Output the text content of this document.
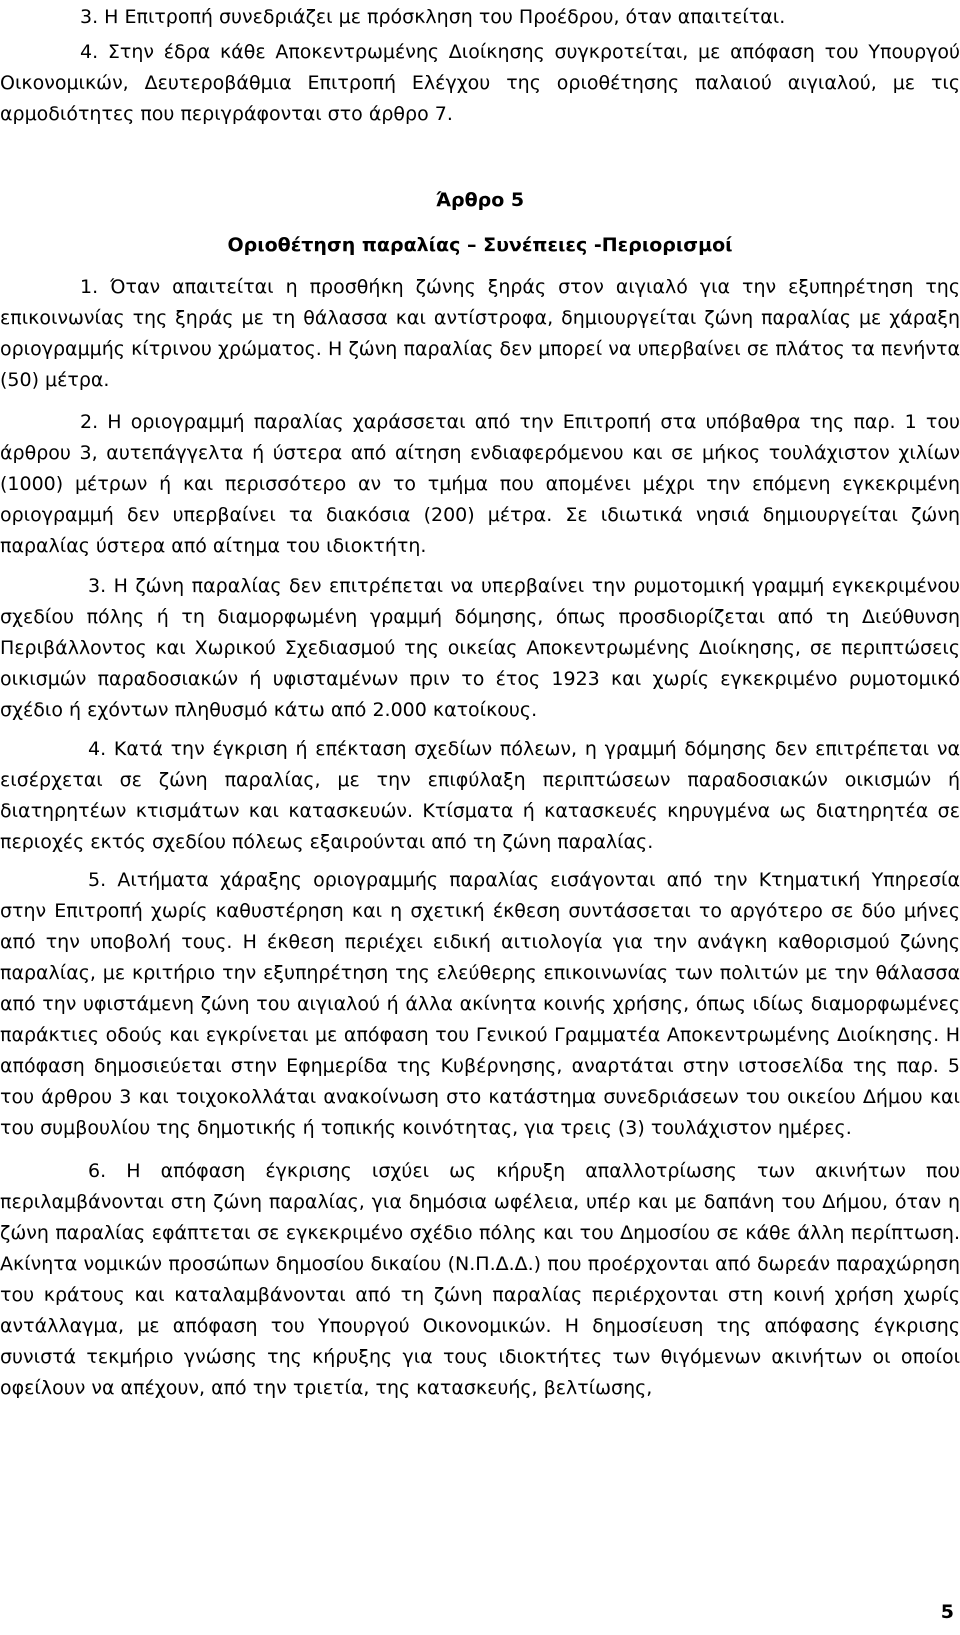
3. Η Επιτροπή συνεδριάζει με πρόσκληση του Προέδρου, όταν απαιτείται.

4. Στην έδρα κάθε Αποκεντρωμένης Διοίκησης συγκροτείται, με απόφαση του Υπουργού Οικονομικών, Δευτεροβάθμια Επιτροπή Ελέγχου της οριοθέτησης παλαιού αιγιαλού, με τις αρμοδιότητες που περιγράφονται στο άρθρο 7.

Άρθρο 5

Οριοθέτηση παραλίας – Συνέπειες -Περιορισμοί

1. Όταν απαιτείται η προσθήκη ζώνης ξηράς στον αιγιαλό για την εξυπηρέτηση της επικοινωνίας της ξηράς με τη θάλασσα και αντίστροφα, δημιουργείται ζώνη παραλίας με χάραξη οριογραμμής κίτρινου χρώματος. Η ζώνη παραλίας δεν μπορεί να υπερβαίνει σε πλάτος τα πενήντα (50) μέτρα.

2. Η οριογραμμή παραλίας χαράσσεται από την Επιτροπή στα υπόβαθρα της παρ. 1 του άρθρου 3, αυτεπάγγελτα ή ύστερα από αίτηση ενδιαφερόμενου και σε μήκος τουλάχιστον χιλίων (1000) μέτρων ή και περισσότερο αν το τμήμα που απομένει μέχρι την επόμενη εγκεκριμένη οριογραμμή δεν υπερβαίνει τα διακόσια (200) μέτρα. Σε ιδιωτικά νησιά δημιουργείται ζώνη παραλίας ύστερα από αίτημα του ιδιοκτήτη.

3. Η ζώνη παραλίας δεν επιτρέπεται να υπερβαίνει την ρυμοτομική γραμμή εγκεκριμένου σχεδίου πόλης ή τη διαμορφωμένη γραμμή δόμησης, όπως προσδιορίζεται από τη Διεύθυνση Περιβάλλοντος και Χωρικού Σχεδιασμού της οικείας Αποκεντρωμένης Διοίκησης, σε περιπτώσεις οικισμών παραδοσιακών ή υφισταμένων πριν το έτος 1923 και χωρίς εγκεκριμένο ρυμοτομικό σχέδιο ή εχόντων πληθυσμό κάτω από 2.000 κατοίκους.

4. Κατά την έγκριση ή επέκταση σχεδίων πόλεων, η γραμμή δόμησης δεν επιτρέπεται να εισέρχεται σε ζώνη παραλίας, με την επιφύλαξη περιπτώσεων παραδοσιακών οικισμών ή διατηρητέων κτισμάτων και κατασκευών. Κτίσματα ή κατασκευές κηρυγμένα ως διατηρητέα σε περιοχές εκτός σχεδίου πόλεως εξαιρούνται από τη ζώνη παραλίας.

5. Αιτήματα χάραξης οριογραμμής παραλίας εισάγονται από την Κτηματική Υπηρεσία στην Επιτροπή χωρίς καθυστέρηση και η σχετική έκθεση συντάσσεται το αργότερο σε δύο μήνες από την υποβολή τους. Η έκθεση περιέχει ειδική αιτιολογία για την ανάγκη καθορισμού ζώνης παραλίας, με κριτήριο την εξυπηρέτηση της ελεύθερης επικοινωνίας των πολιτών με την θάλασσα από την υφιστάμενη ζώνη του αιγιαλού ή άλλα ακίνητα κοινής χρήσης, όπως ιδίως διαμορφωμένες παράκτιες οδούς και εγκρίνεται με απόφαση του Γενικού Γραμματέα Αποκεντρωμένης Διοίκησης. Η απόφαση δημοσιεύεται στην Εφημερίδα της Κυβέρνησης, αναρτάται στην ιστοσελίδα της παρ. 5 του άρθρου 3 και τοιχοκολλάται ανακοίνωση στο κατάστημα συνεδριάσεων του οικείου Δήμου και του συμβουλίου της δημοτικής ή τοπικής κοινότητας, για τρεις (3) τουλάχιστον ημέρες.

6. Η απόφαση έγκρισης ισχύει ως κήρυξη απαλλοτρίωσης των ακινήτων που περιλαμβάνονται στη ζώνη παραλίας, για δημόσια ωφέλεια, υπέρ και με δαπάνη του Δήμου, όταν η ζώνη παραλίας εφάπτεται σε εγκεκριμένο σχέδιο πόλης και του Δημοσίου σε κάθε άλλη περίπτωση. Ακίνητα νομικών προσώπων δημοσίου δικαίου (Ν.Π.Δ.Δ.) που προέρχονται από δωρεάν παραχώρηση του κράτους και καταλαμβάνονται από τη ζώνη παραλίας περιέρχονται στη κοινή χρήση χωρίς αντάλλαγμα, με απόφαση του Υπουργού Οικονομικών. Η δημοσίευση της απόφασης έγκρισης συνιστά τεκμήριο γνώσης της κήρυξης για τους ιδιοκτήτες των θιγόμενων ακινήτων οι οποίοι οφείλουν να απέχουν, από την τριετία, της κατασκευής, βελτίωσης,

5
